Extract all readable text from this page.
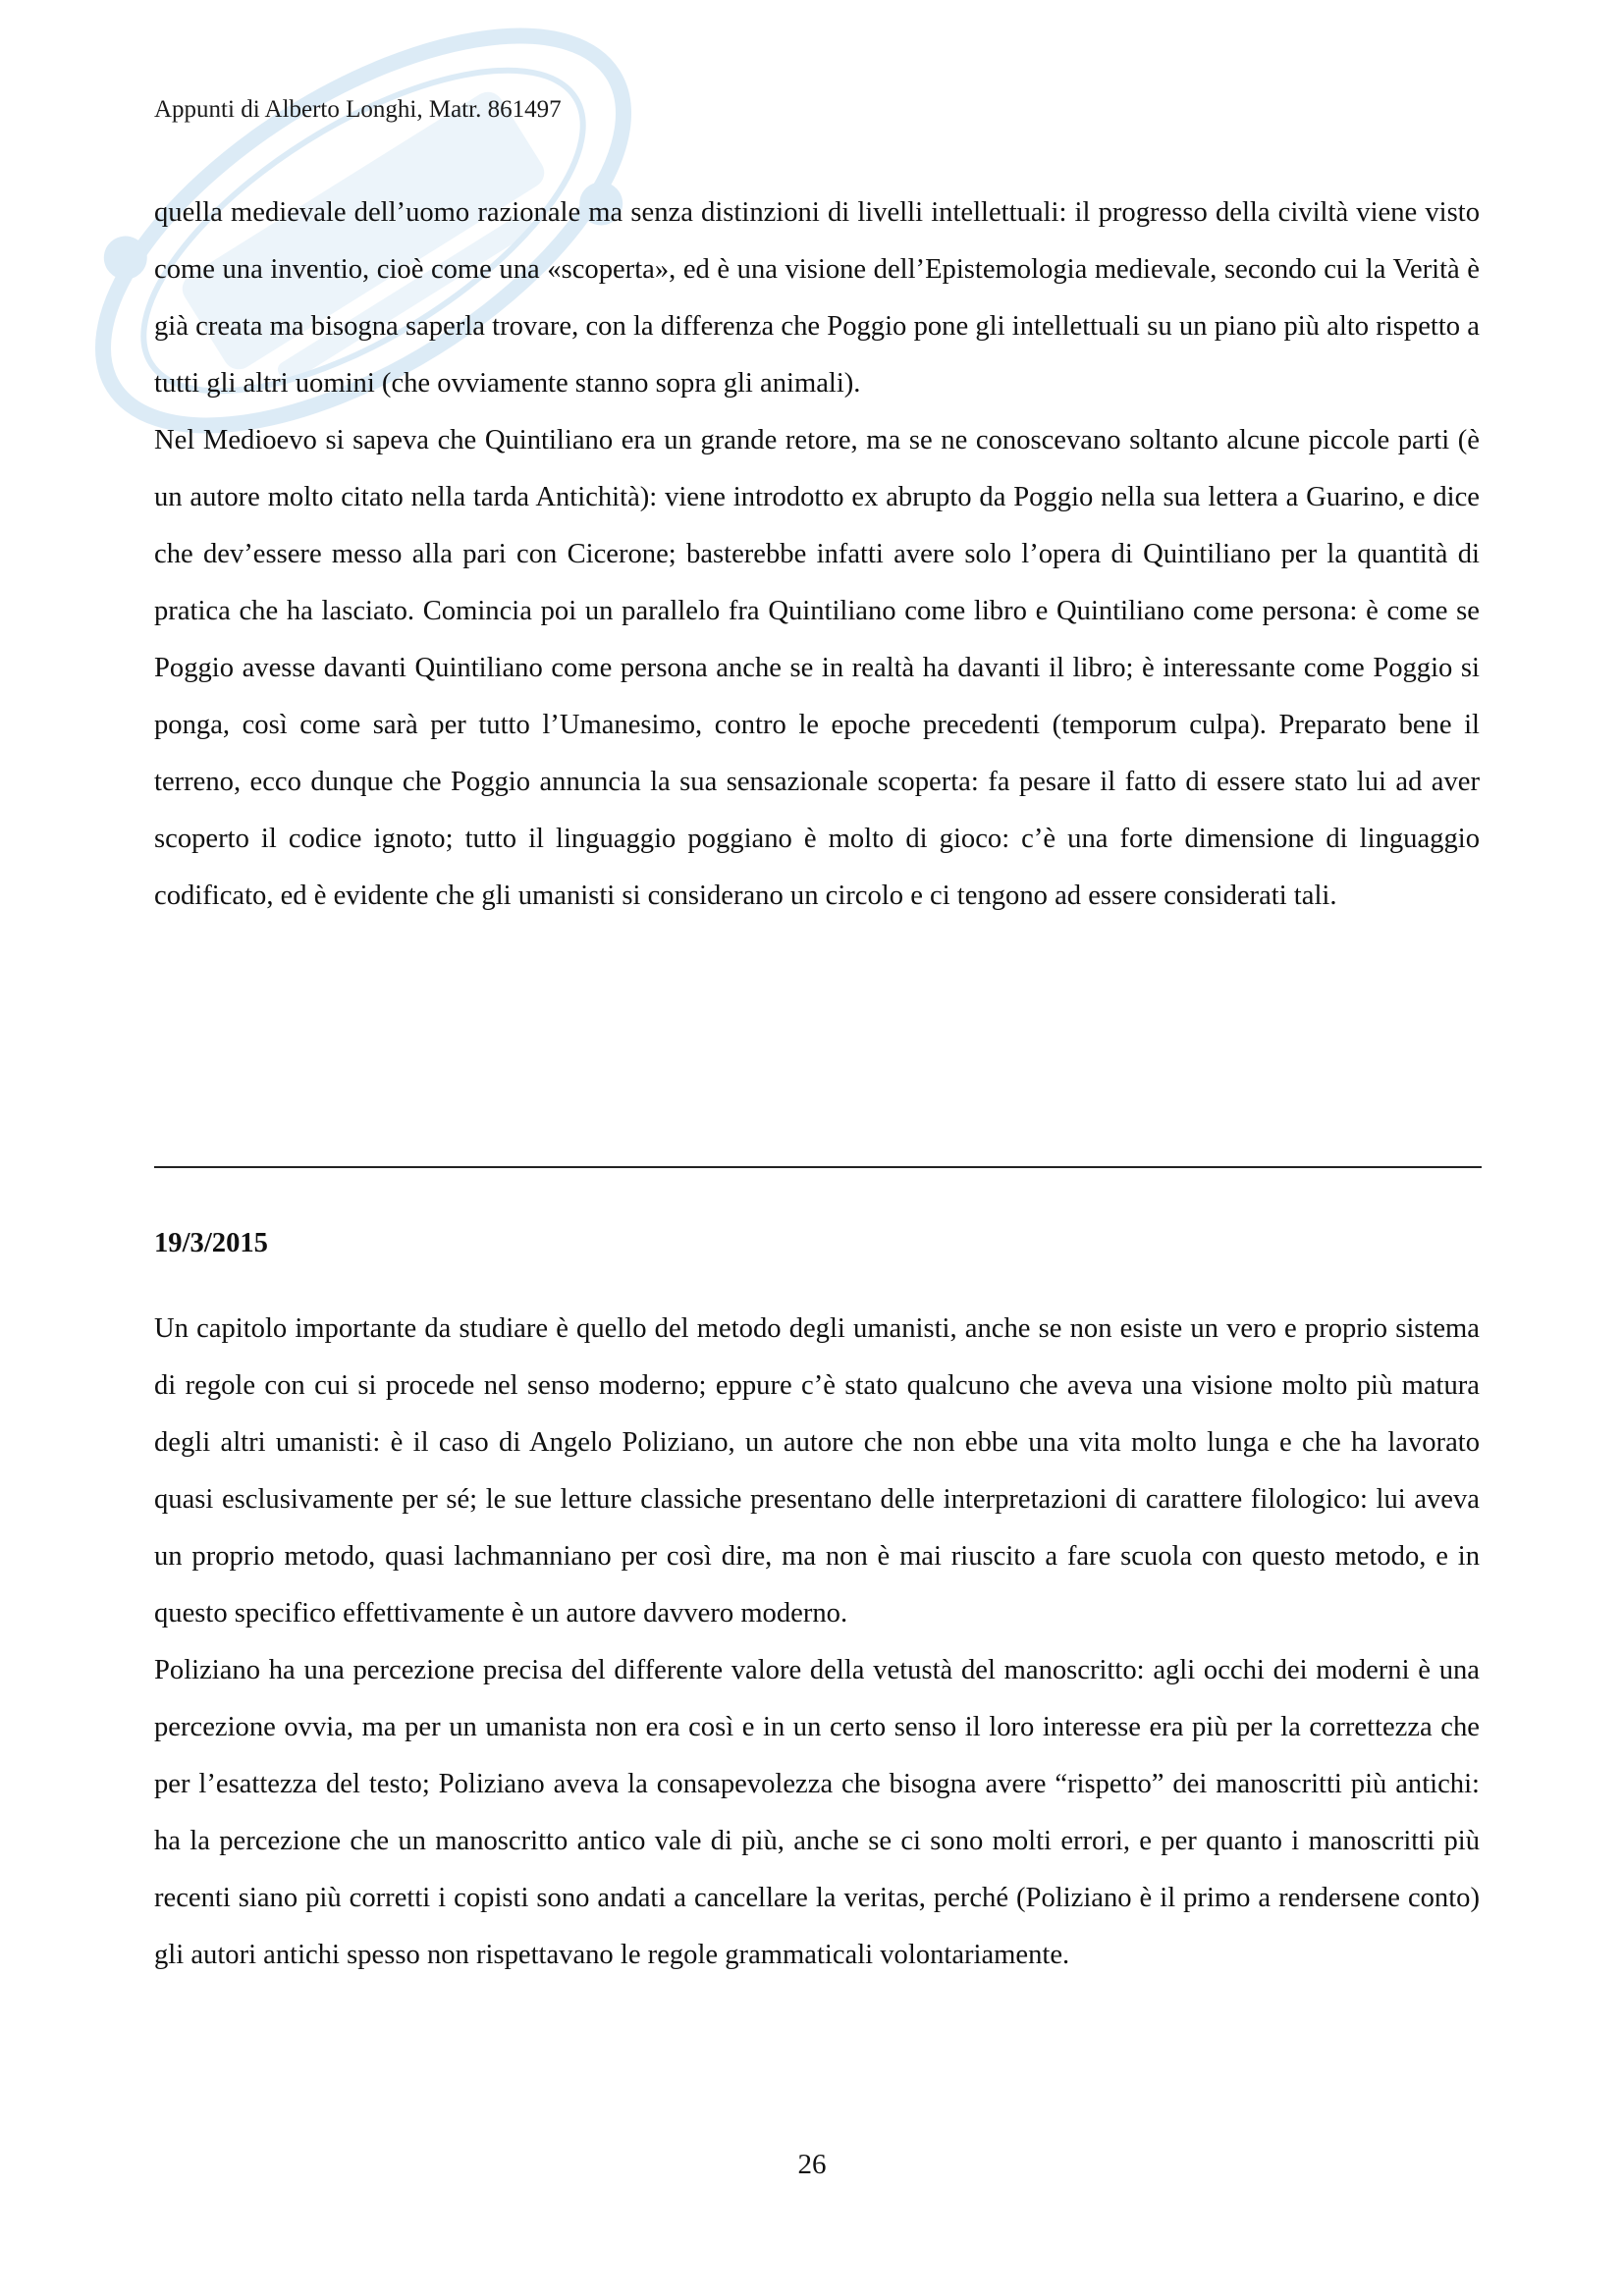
Appunti di Alberto Longhi, Matr. 861497

quella medievale dell’uomo razionale ma senza distinzioni di livelli intellettuali: il progresso della civiltà viene visto come una inventio, cioè come una «scoperta», ed è una visione dell’Epistemologia medievale, secondo cui la Verità è già creata ma bisogna saperla trovare, con la differenza che Poggio pone gli intellettuali su un piano più alto rispetto a tutti gli altri uomini (che ovviamente stanno sopra gli animali).

Nel Medioevo si sapeva che Quintiliano era un grande retore, ma se ne conoscevano soltanto alcune piccole parti (è un autore molto citato nella tarda Antichità): viene introdotto ex abrupto da Poggio nella sua lettera a Guarino, e dice che dev’essere messo alla pari con Cicerone; basterebbe infatti avere solo l’opera di Quintiliano per la quantità di pratica che ha lasciato. Comincia poi un parallelo fra Quintiliano come libro e Quintiliano come persona: è come se Poggio avesse davanti Quintiliano come persona anche se in realtà ha davanti il libro; è interessante come Poggio si ponga, così come sarà per tutto l’Umanesimo, contro le epoche precedenti (temporum culpa). Preparato bene il terreno, ecco dunque che Poggio annuncia la sua sensazionale scoperta: fa pesare il fatto di essere stato lui ad aver scoperto il codice ignoto; tutto il linguaggio poggiano è molto di gioco: c’è una forte dimensione di linguaggio codificato, ed è evidente che gli umanisti si considerano un circolo e ci tengono ad essere considerati tali.

19/3/2015

Un capitolo importante da studiare è quello del metodo degli umanisti, anche se non esiste un vero e proprio sistema di regole con cui si procede nel senso moderno; eppure c’è stato qualcuno che aveva una visione molto più matura degli altri umanisti: è il caso di Angelo Poliziano, un autore che non ebbe una vita molto lunga e che ha lavorato quasi esclusivamente per sé; le sue letture classiche presentano delle interpretazioni di carattere filologico: lui aveva un proprio metodo, quasi lachmanniano per così dire, ma non è mai riuscito a fare scuola con questo metodo, e in questo specifico effettivamente è un autore davvero moderno.

Poliziano ha una percezione precisa del differente valore della vetustà del manoscritto: agli occhi dei moderni è una percezione ovvia, ma per un umanista non era così e in un certo senso il loro interesse era più per la correttezza che per l’esattezza del testo; Poliziano aveva la consapevolezza che bisogna avere “rispetto” dei manoscritti più antichi: ha la percezione che un manoscritto antico vale di più, anche se ci sono molti errori, e per quanto i manoscritti più recenti siano più corretti i copisti sono andati a cancellare la veritas, perché (Poliziano è il primo a rendersene conto) gli autori antichi spesso non rispettavano le regole grammaticali volontariamente.

26
